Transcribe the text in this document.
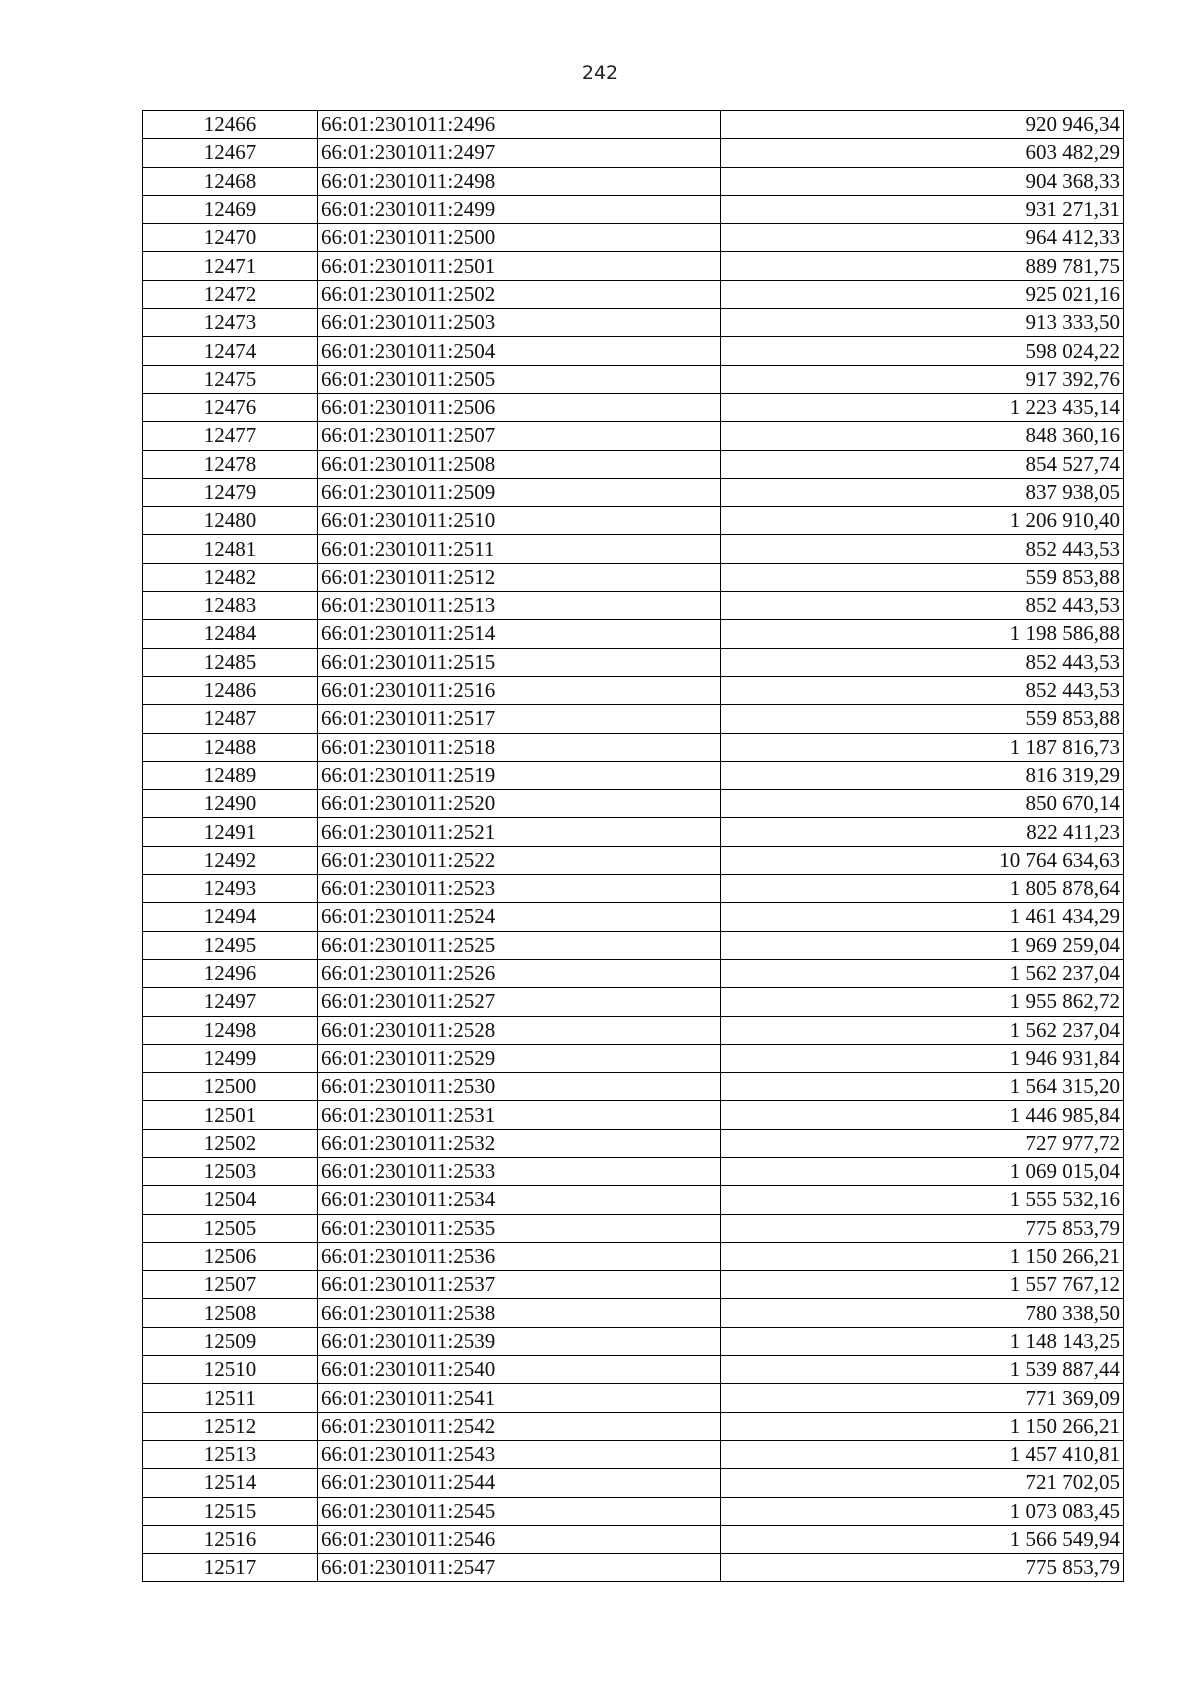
242
12466	66:01:2301011:2496	920 946,34
12467	66:01:2301011:2497	603 482,29
12468	66:01:2301011:2498	904 368,33
12469	66:01:2301011:2499	931 271,31
12470	66:01:2301011:2500	964 412,33
12471	66:01:2301011:2501	889 781,75
12472	66:01:2301011:2502	925 021,16
12473	66:01:2301011:2503	913 333,50
12474	66:01:2301011:2504	598 024,22
12475	66:01:2301011:2505	917 392,76
12476	66:01:2301011:2506	1 223 435,14
12477	66:01:2301011:2507	848 360,16
12478	66:01:2301011:2508	854 527,74
12479	66:01:2301011:2509	837 938,05
12480	66:01:2301011:2510	1 206 910,40
12481	66:01:2301011:2511	852 443,53
12482	66:01:2301011:2512	559 853,88
12483	66:01:2301011:2513	852 443,53
12484	66:01:2301011:2514	1 198 586,88
12485	66:01:2301011:2515	852 443,53
12486	66:01:2301011:2516	852 443,53
12487	66:01:2301011:2517	559 853,88
12488	66:01:2301011:2518	1 187 816,73
12489	66:01:2301011:2519	816 319,29
12490	66:01:2301011:2520	850 670,14
12491	66:01:2301011:2521	822 411,23
12492	66:01:2301011:2522	10 764 634,63
12493	66:01:2301011:2523	1 805 878,64
12494	66:01:2301011:2524	1 461 434,29
12495	66:01:2301011:2525	1 969 259,04
12496	66:01:2301011:2526	1 562 237,04
12497	66:01:2301011:2527	1 955 862,72
12498	66:01:2301011:2528	1 562 237,04
12499	66:01:2301011:2529	1 946 931,84
12500	66:01:2301011:2530	1 564 315,20
12501	66:01:2301011:2531	1 446 985,84
12502	66:01:2301011:2532	727 977,72
12503	66:01:2301011:2533	1 069 015,04
12504	66:01:2301011:2534	1 555 532,16
12505	66:01:2301011:2535	775 853,79
12506	66:01:2301011:2536	1 150 266,21
12507	66:01:2301011:2537	1 557 767,12
12508	66:01:2301011:2538	780 338,50
12509	66:01:2301011:2539	1 148 143,25
12510	66:01:2301011:2540	1 539 887,44
12511	66:01:2301011:2541	771 369,09
12512	66:01:2301011:2542	1 150 266,21
12513	66:01:2301011:2543	1 457 410,81
12514	66:01:2301011:2544	721 702,05
12515	66:01:2301011:2545	1 073 083,45
12516	66:01:2301011:2546	1 566 549,94
12517	66:01:2301011:2547	775 853,79
